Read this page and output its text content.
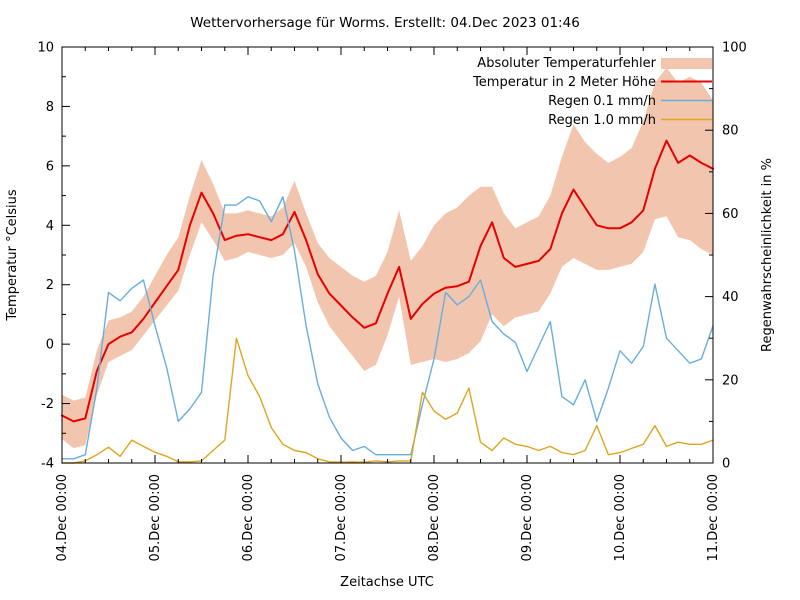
Wettervorhersage für Worms. Erstellt: 04.Dec 2023 01:46
Temperatur °Celsius	Regenwahrscheinlichkeit in %
Zeitachse UTC
-4
-2
0
2
4
6
8
10
0
20
40
60
80
100
04.Dec 00:00	05.Dec 00:00	06.Dec 00:00	07.Dec 00:00	08.Dec 00:00	09.Dec 00:00	10.Dec 00:00	11.Dec 00:00
Absoluter Temperaturfehler
Temperatur in 2 Meter Höhe
Regen 0.1 mm/h
Regen 1.0 mm/h
